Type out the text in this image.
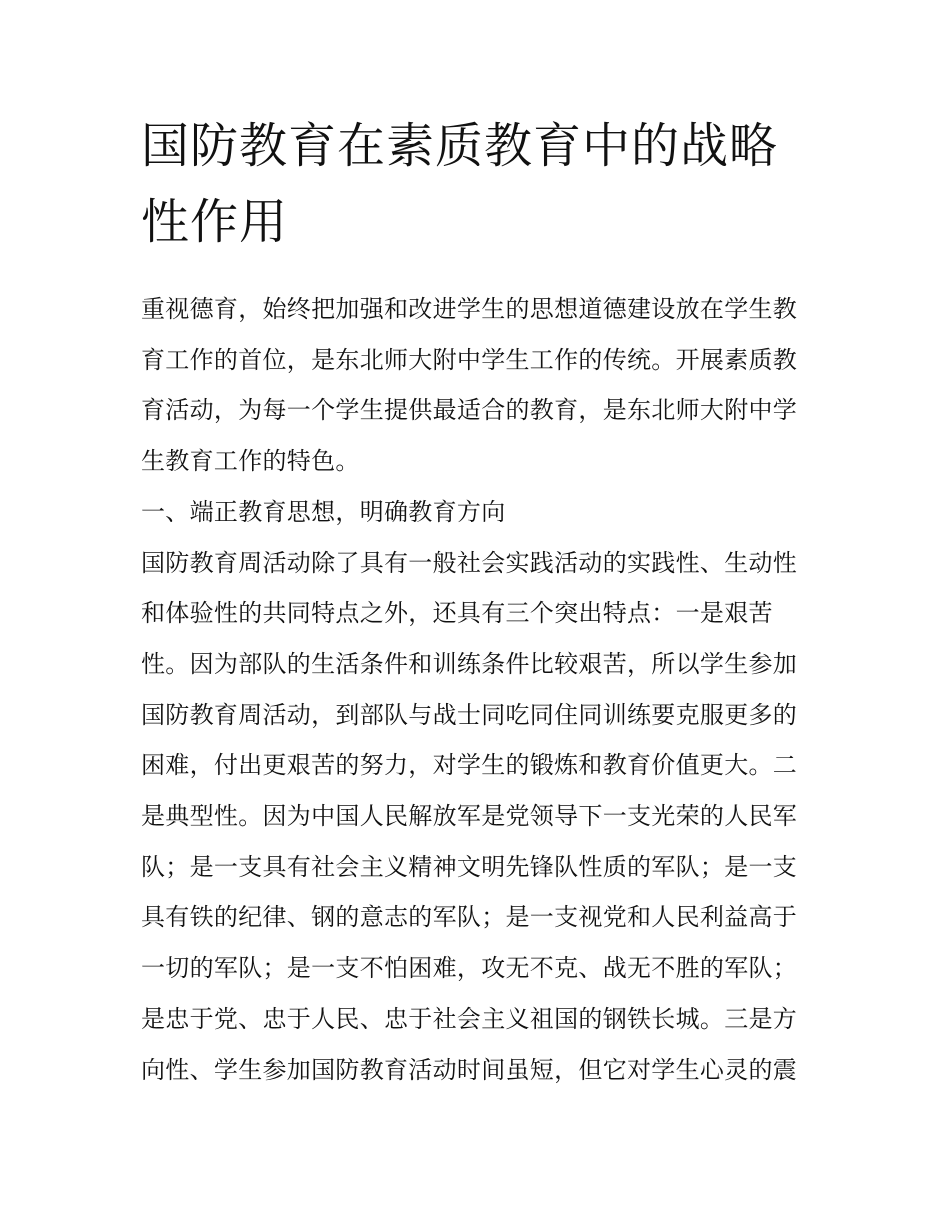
国防教育在素质教育中的战略
性作用
重视德育，始终把加强和改进学生的思想道德建设放在学生教
育工作的首位，是东北师大附中学生工作的传统。开展素质教
育活动，为每一个学生提供最适合的教育，是东北师大附中学
生教育工作的特色。
一、端正教育思想，明确教育方向
国防教育周活动除了具有一般社会实践活动的实践性、生动性
和体验性的共同特点之外，还具有三个突出特点：一是艰苦
性。因为部队的生活条件和训练条件比较艰苦，所以学生参加
国防教育周活动，到部队与战士同吃同住同训练要克服更多的
困难，付出更艰苦的努力，对学生的锻炼和教育价值更大。二
是典型性。因为中国人民解放军是党领导下一支光荣的人民军
队；是一支具有社会主义精神文明先锋队性质的军队；是一支
具有铁的纪律、钢的意志的军队；是一支视党和人民利益高于
一切的军队；是一支不怕困难，攻无不克、战无不胜的军队；
是忠于党、忠于人民、忠于社会主义祖国的钢铁长城。三是方
向性、学生参加国防教育活动时间虽短，但它对学生心灵的震
